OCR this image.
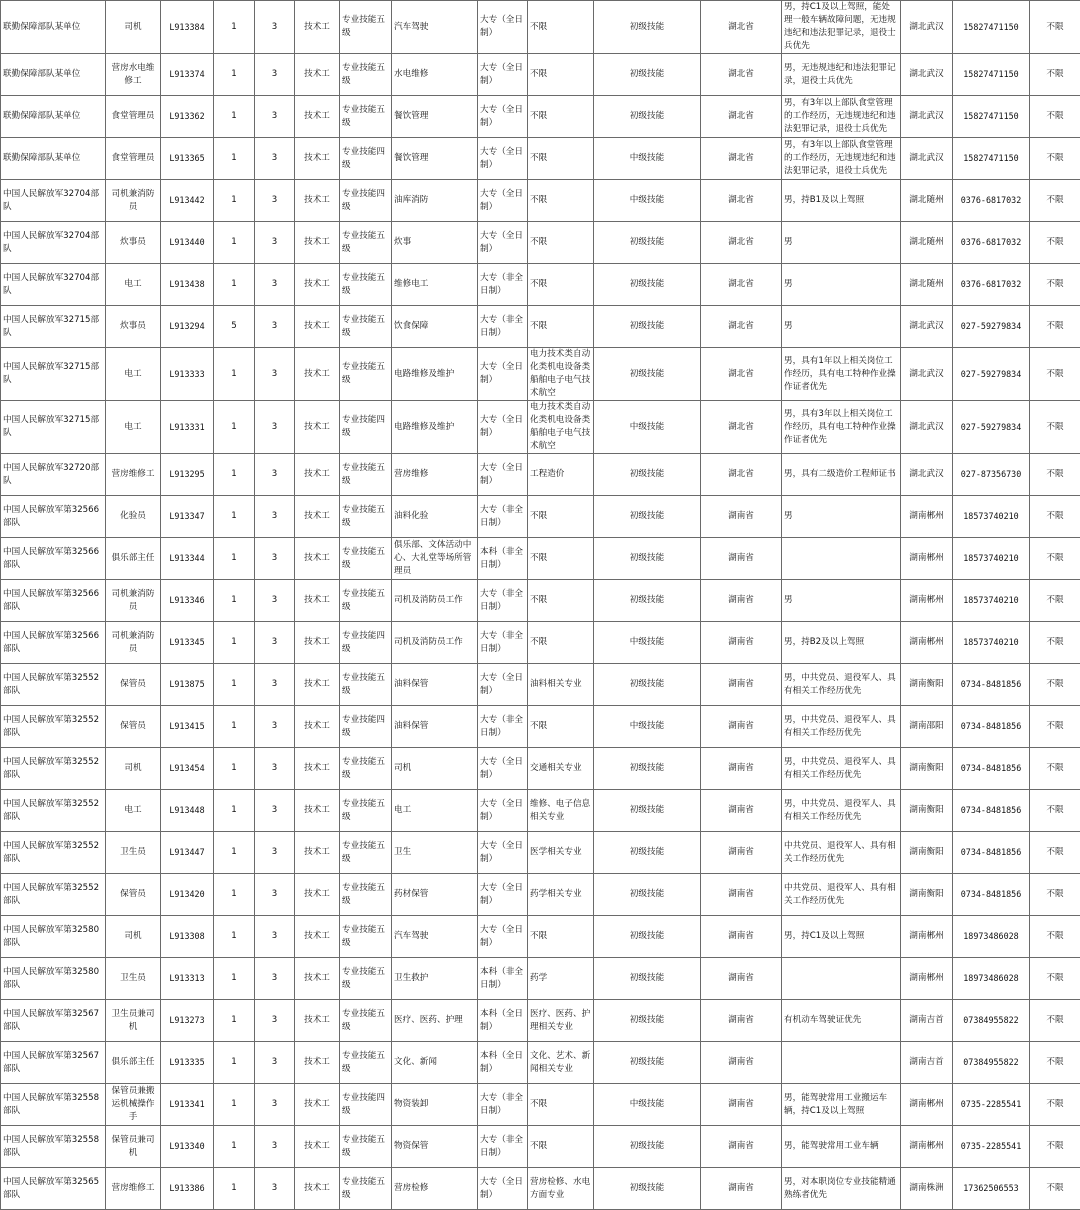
联勤保障部队某单位	司机	L913384	1	3	技术工	专业技能五级	汽车驾驶	大专（全日制）	不限	初级技能	湖北省	男，持C1及以上驾照，能处理一般车辆故障问题，无违规违纪和违法犯罪记录，退役士兵优先	湖北武汉	15827471150	不限
联勤保障部队某单位	营房水电维修工	L913374	1	3	技术工	专业技能五级	水电维修	大专（全日制）	不限	初级技能	湖北省	男，无违规违纪和违法犯罪记录，退役士兵优先	湖北武汉	15827471150	不限
联勤保障部队某单位	食堂管理员	L913362	1	3	技术工	专业技能五级	餐饮管理	大专（全日制）	不限	初级技能	湖北省	男，有3年以上部队食堂管理的工作经历，无违规违纪和违法犯罪记录，退役士兵优先	湖北武汉	15827471150	不限
联勤保障部队某单位	食堂管理员	L913365	1	3	技术工	专业技能四级	餐饮管理	大专（全日制）	不限	中级技能	湖北省	男，有3年以上部队食堂管理的工作经历，无违规违纪和违法犯罪记录，退役士兵优先	湖北武汉	15827471150	不限
中国人民解放军32704部队	司机兼消防员	L913442	1	3	技术工	专业技能四级	油库消防	大专（全日制）	不限	中级技能	湖北省	男，持B1及以上驾照	湖北随州	0376-6817032	不限
中国人民解放军32704部队	炊事员	L913440	1	3	技术工	专业技能五级	炊事	大专（全日制）	不限	初级技能	湖北省	男	湖北随州	0376-6817032	不限
中国人民解放军32704部队	电工	L913438	1	3	技术工	专业技能五级	维修电工	大专（非全日制）	不限	初级技能	湖北省	男	湖北随州	0376-6817032	不限
中国人民解放军32715部队	炊事员	L913294	5	3	技术工	专业技能五级	饮食保障	大专（非全日制）	不限	初级技能	湖北省	男	湖北武汉	027-59279834	不限
中国人民解放军32715部队	电工	L913333	1	3	技术工	专业技能五级	电路维修及维护	大专（全日制）	电力技术类自动化类机电设备类船舶电子电气技术航空	初级技能	湖北省	男，具有1年以上相关岗位工作经历，具有电工特种作业操作证者优先	湖北武汉	027-59279834	不限
中国人民解放军32715部队	电工	L913331	1	3	技术工	专业技能四级	电路维修及维护	大专（全日制）	电力技术类自动化类机电设备类船舶电子电气技术航空	中级技能	湖北省	男，具有3年以上相关岗位工作经历，具有电工特种作业操作证者优先	湖北武汉	027-59279834	不限
中国人民解放军32720部队	营房维修工	L913295	1	3	技术工	专业技能五级	营房维修	大专（全日制）	工程造价	初级技能	湖北省	男，具有二级造价工程师证书	湖北武汉	027-87356730	不限
中国人民解放军第32566部队	化验员	L913347	1	3	技术工	专业技能五级	油料化验	大专（非全日制）	不限	初级技能	湖南省	男	湖南郴州	18573740210	不限
中国人民解放军第32566部队	俱乐部主任	L913344	1	3	技术工	专业技能五级	俱乐部、文体活动中心、大礼堂等场所管理员	本科（非全日制）	不限	初级技能	湖南省		湖南郴州	18573740210	不限
中国人民解放军第32566部队	司机兼消防员	L913346	1	3	技术工	专业技能五级	司机及消防员工作	大专（非全日制）	不限	初级技能	湖南省	男	湖南郴州	18573740210	不限
中国人民解放军第32566部队	司机兼消防员	L913345	1	3	技术工	专业技能四级	司机及消防员工作	大专（非全日制）	不限	中级技能	湖南省	男，持B2及以上驾照	湖南郴州	18573740210	不限
中国人民解放军第32552部队	保管员	L913875	1	3	技术工	专业技能五级	油料保管	大专（全日制）	油料相关专业	初级技能	湖南省	男，中共党员、退役军人、具有相关工作经历优先	湖南衡阳	0734-8481856	不限
中国人民解放军第32552部队	保管员	L913415	1	3	技术工	专业技能四级	油料保管	大专（非全日制）	不限	中级技能	湖南省	男，中共党员、退役军人、具有相关工作经历优先	湖南邵阳	0734-8481856	不限
中国人民解放军第32552部队	司机	L913454	1	3	技术工	专业技能五级	司机	大专（全日制）	交通相关专业	初级技能	湖南省	男，中共党员、退役军人、具有相关工作经历优先	湖南衡阳	0734-8481856	不限
中国人民解放军第32552部队	电工	L913448	1	3	技术工	专业技能五级	电工	大专（全日制）	维修、电子信息相关专业	初级技能	湖南省	男，中共党员、退役军人、具有相关工作经历优先	湖南衡阳	0734-8481856	不限
中国人民解放军第32552部队	卫生员	L913447	1	3	技术工	专业技能五级	卫生	大专（全日制）	医学相关专业	初级技能	湖南省	中共党员、退役军人、具有相关工作经历优先	湖南衡阳	0734-8481856	不限
中国人民解放军第32552部队	保管员	L913420	1	3	技术工	专业技能五级	药材保管	大专（全日制）	药学相关专业	初级技能	湖南省	中共党员、退役军人、具有相关工作经历优先	湖南衡阳	0734-8481856	不限
中国人民解放军第32580部队	司机	L913308	1	3	技术工	专业技能五级	汽车驾驶	大专（全日制）	不限	初级技能	湖南省	男，持C1及以上驾照	湖南郴州	18973486028	不限
中国人民解放军第32580部队	卫生员	L913313	1	3	技术工	专业技能五级	卫生救护	本科（非全日制）	药学	初级技能	湖南省		湖南郴州	18973486028	不限
中国人民解放军第32567部队	卫生员兼司机	L913273	1	3	技术工	专业技能五级	医疗、医药、护理	本科（全日制）	医疗、医药、护理相关专业	初级技能	湖南省	有机动车驾驶证优先	湖南吉首	07384955822	不限
中国人民解放军第32567部队	俱乐部主任	L913335	1	3	技术工	专业技能五级	文化、新闻	本科（全日制）	文化、艺术、新闻相关专业	初级技能	湖南省		湖南吉首	07384955822	不限
中国人民解放军第32558部队	保管员兼搬运机械操作手	L913341	1	3	技术工	专业技能四级	物资装卸	大专（非全日制）	不限	中级技能	湖南省	男，能驾驶常用工业搬运车辆，持C1及以上驾照	湖南郴州	0735-2285541	不限
中国人民解放军第32558部队	保管员兼司机	L913340	1	3	技术工	专业技能五级	物资保管	大专（非全日制）	不限	初级技能	湖南省	男，能驾驶常用工业车辆	湖南郴州	0735-2285541	不限
中国人民解放军第32565部队	营房维修工	L913386	1	3	技术工	专业技能五级	营房检修	大专（全日制）	营房检修、水电方面专业	初级技能	湖南省	男，对本职岗位专业技能精通熟练者优先	湖南株洲	17362506553	不限
